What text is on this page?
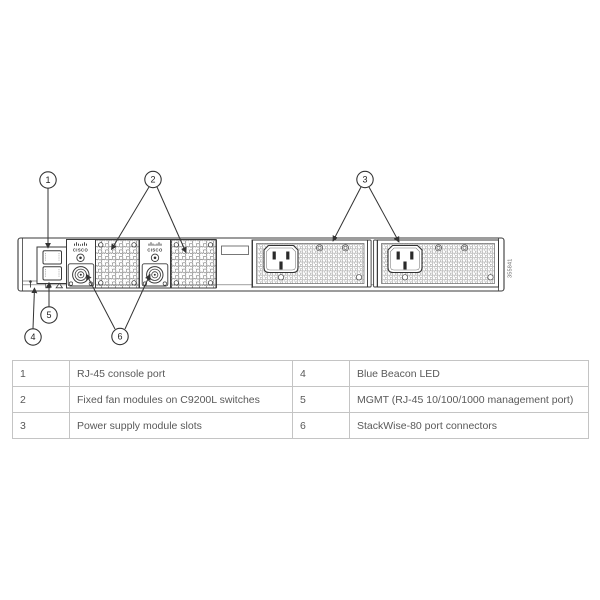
CISCO	CISCO
355841
1	2	3
4
5
6
1	RJ-45 console port	4	Blue Beacon LED
2	Fixed fan modules on C9200L switches	5	MGMT (RJ-45 10/100/1000 management port)
3	Power supply module slots	6	StackWise-80 port connectors
